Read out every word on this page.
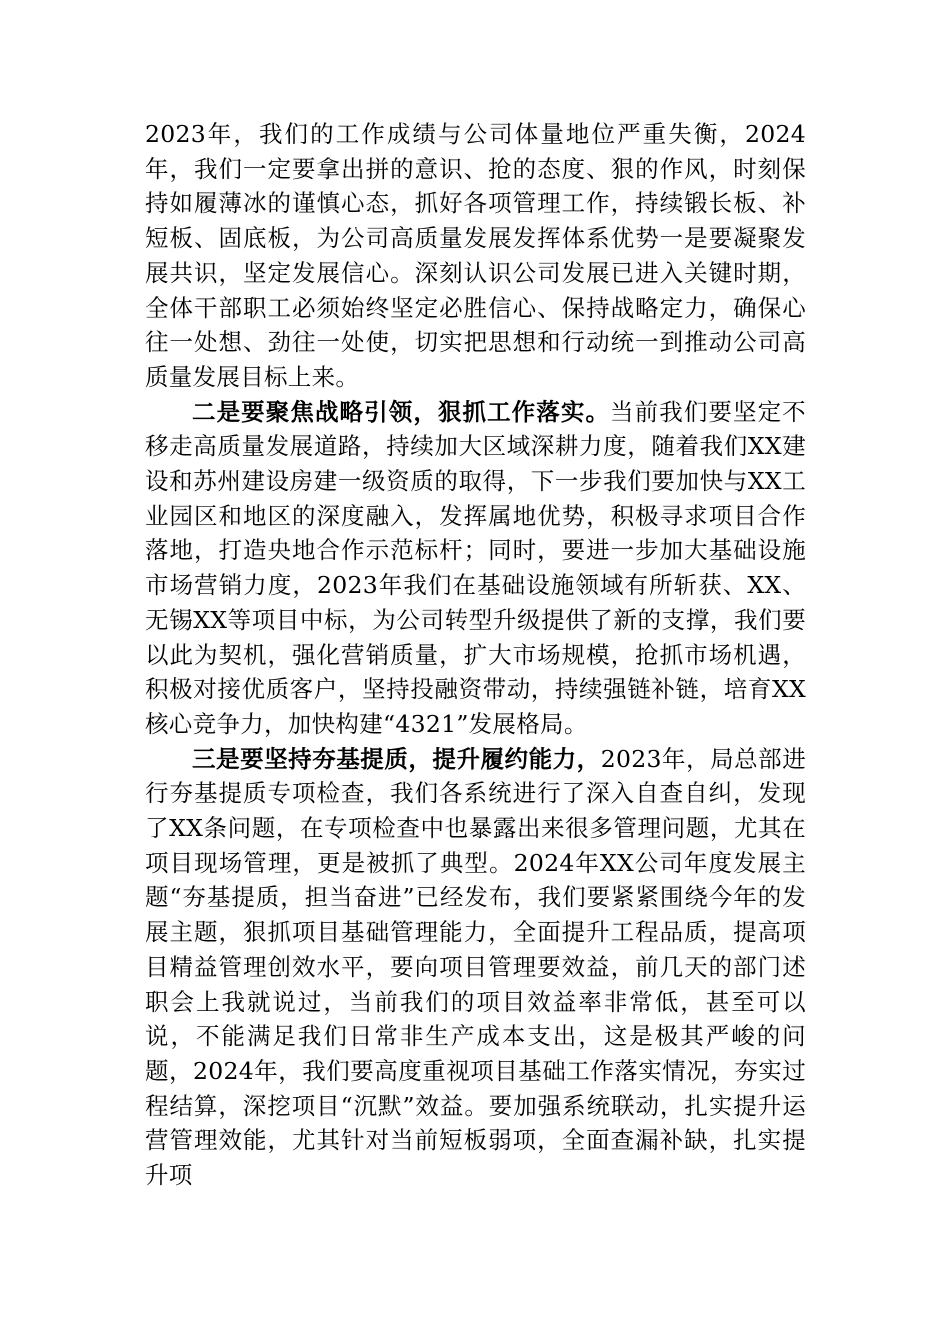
2023年，我们的工作成绩与公司体量地位严重失衡，2024年，我们一定要拿出拼的意识、抢的态度、狠的作风，时刻保持如履薄冰的谨慎心态，抓好各项管理工作，持续锻长板、补短板、固底板，为公司高质量发展发挥体系优势一是要凝聚发展共识，坚定发展信心。深刻认识公司发展已进入关键时期，全体干部职工必须始终坚定必胜信心、保持战略定力，确保心往一处想、劲往一处使，切实把思想和行动统一到推动公司高质量发展目标上来。

二是要聚焦战略引领，狠抓工作落实。当前我们要坚定不移走高质量发展道路，持续加大区域深耕力度，随着我们XX建设和苏州建设房建一级资质的取得，下一步我们要加快与XX工业园区和地区的深度融入，发挥属地优势，积极寻求项目合作落地，打造央地合作示范标杆；同时，要进一步加大基础设施市场营销力度，2023年我们在基础设施领域有所斩获、XX、无锡XX等项目中标，为公司转型升级提供了新的支撑，我们要以此为契机，强化营销质量，扩大市场规模，抢抓市场机遇，积极对接优质客户，坚持投融资带动，持续强链补链，培育XX核心竞争力，加快构建“4321”发展格局。

三是要坚持夯基提质，提升履约能力，2023年，局总部进行夯基提质专项检查，我们各系统进行了深入自查自纠，发现了XX条问题，在专项检查中也暴露出来很多管理问题，尤其在项目现场管理，更是被抓了典型。2024年XX公司年度发展主题“夯基提质，担当奋进”已经发布，我们要紧紧围绕今年的发展主题，狠抓项目基础管理能力，全面提升工程品质，提高项目精益管理创效水平，要向项目管理要效益，前几天的部门述职会上我就说过，当前我们的项目效益率非常低，甚至可以说，不能满足我们日常非生产成本支出，这是极其严峻的问题，2024年，我们要高度重视项目基础工作落实情况，夯实过程结算，深挖项目“沉默”效益。要加强系统联动，扎实提升运营管理效能，尤其针对当前短板弱项，全面查漏补缺，扎实提升项
